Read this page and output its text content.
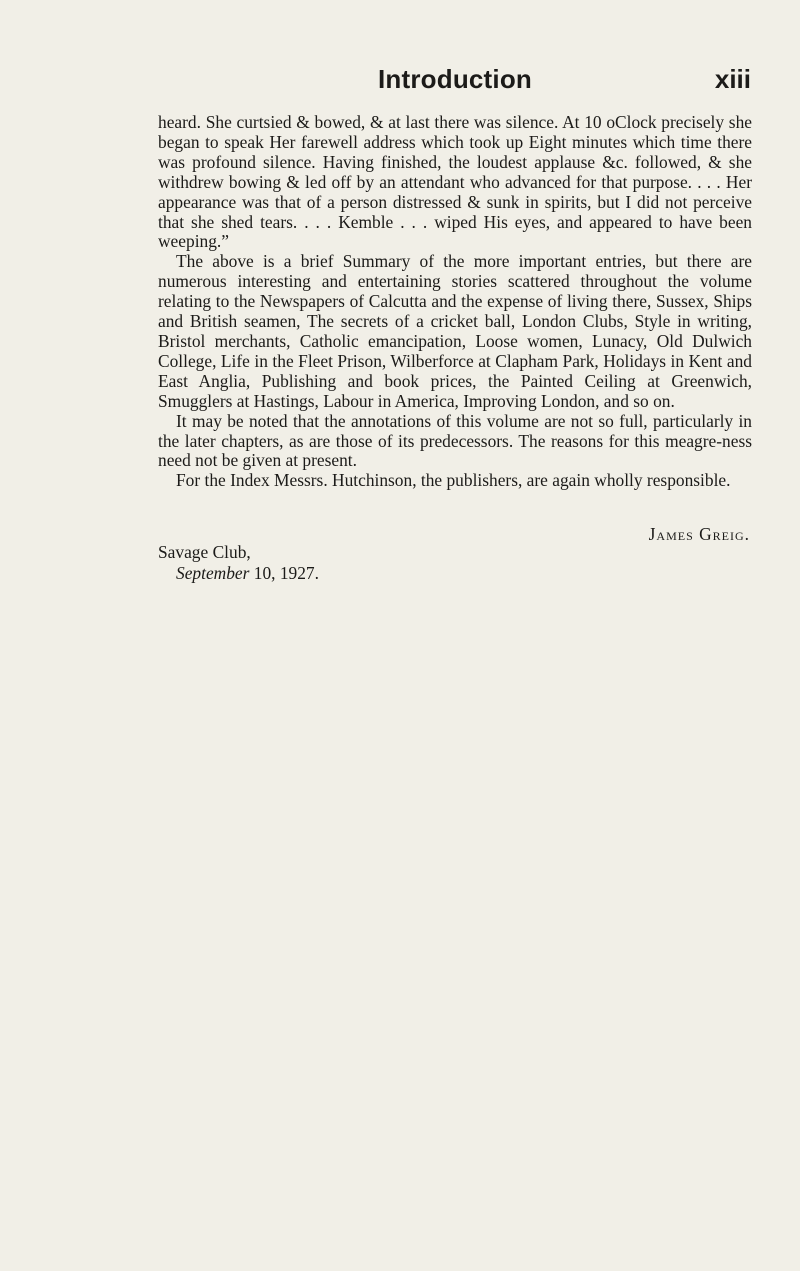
Introduction	xiii

heard. She curtsied & bowed, & at last there was silence. At 10 oClock precisely she began to speak Her farewell address which took up Eight minutes which time there was profound silence. Having finished, the loudest applause &c. followed, & she withdrew bowing & led off by an attendant who advanced for that purpose. . . . Her appearance was that of a person distressed & sunk in spirits, but I did not perceive that she shed tears. . . . Kemble . . . wiped His eyes, and appeared to have been weeping.”

The above is a brief Summary of the more important entries, but there are numerous interesting and entertaining stories scattered throughout the volume relating to the Newspapers of Calcutta and the expense of living there, Sussex, Ships and British seamen, The secrets of a cricket ball, London Clubs, Style in writing, Bristol merchants, Catholic emancipation, Loose women, Lunacy, Old Dulwich College, Life in the Fleet Prison, Wilberforce at Clapham Park, Holidays in Kent and East Anglia, Publishing and book prices, the Painted Ceiling at Greenwich, Smugglers at Hastings, Labour in America, Improving London, and so on.

It may be noted that the annotations of this volume are not so full, particularly in the later chapters, as are those of its predecessors. The reasons for this meagre-ness need not be given at present.

For the Index Messrs. Hutchinson, the publishers, are again wholly responsible.

James Greig.
Savage Club,
September 10, 1927.
